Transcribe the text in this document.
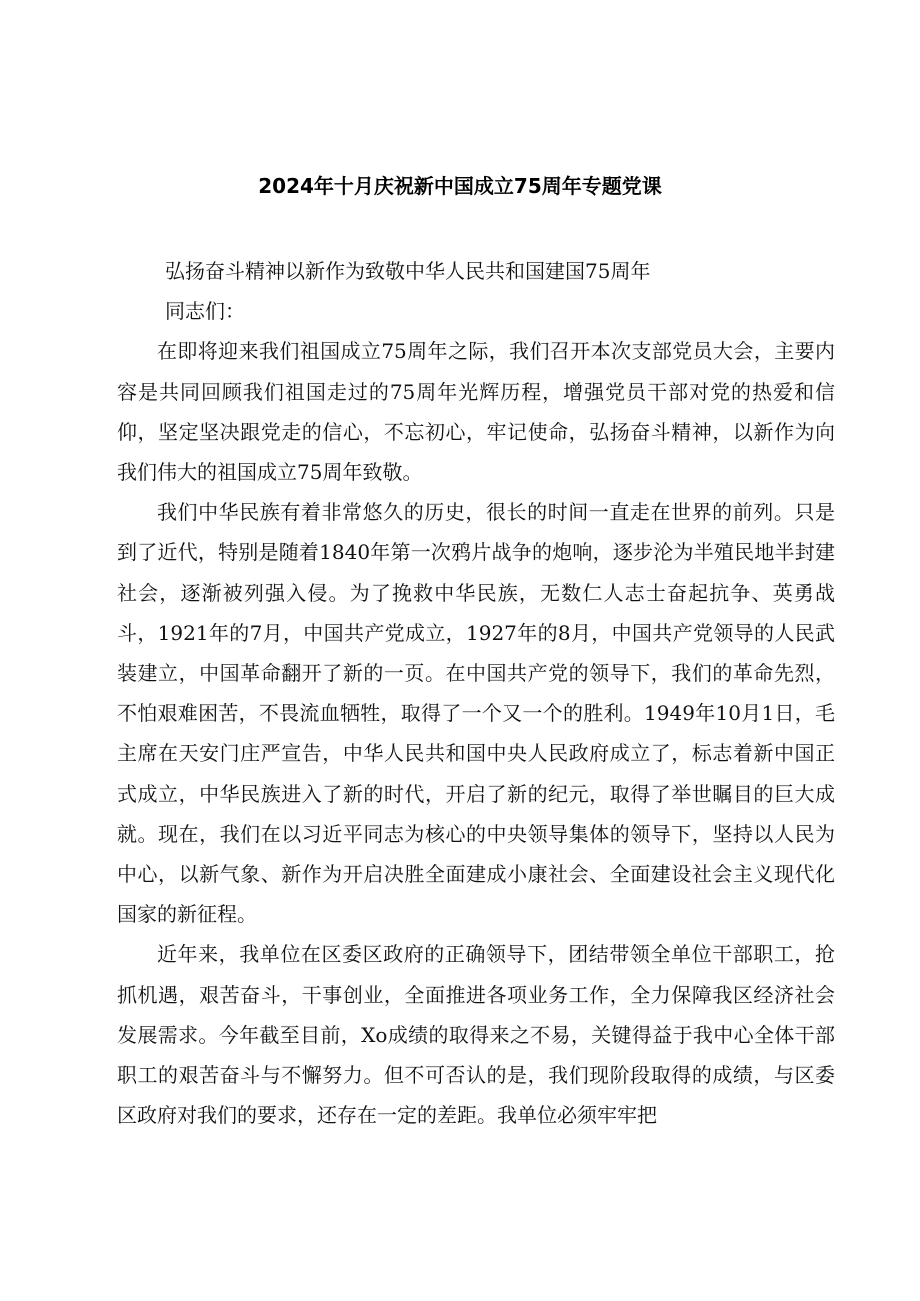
2024年十月庆祝新中国成立75周年专题党课

弘扬奋斗精神以新作为致敬中华人民共和国建国75周年

同志们：

在即将迎来我们祖国成立75周年之际，我们召开本次支部党员大会，主要内容是共同回顾我们祖国走过的75周年光辉历程，增强党员干部对党的热爱和信仰，坚定坚决跟党走的信心，不忘初心，牢记使命，弘扬奋斗精神，以新作为向我们伟大的祖国成立75周年致敬。

我们中华民族有着非常悠久的历史，很长的时间一直走在世界的前列。只是到了近代，特别是随着1840年第一次鸦片战争的炮响，逐步沦为半殖民地半封建社会，逐渐被列强入侵。为了挽救中华民族，无数仁人志士奋起抗争、英勇战斗，1921年的7月，中国共产党成立，1927年的8月，中国共产党领导的人民武装建立，中国革命翻开了新的一页。在中国共产党的领导下，我们的革命先烈，不怕艰难困苦，不畏流血牺牲，取得了一个又一个的胜利。1949年10月1日，毛主席在天安门庄严宣告，中华人民共和国中央人民政府成立了，标志着新中国正式成立，中华民族进入了新的时代，开启了新的纪元，取得了举世瞩目的巨大成就。现在，我们在以习近平同志为核心的中央领导集体的领导下，坚持以人民为中心，以新气象、新作为开启决胜全面建成小康社会、全面建设社会主义现代化国家的新征程。

近年来，我单位在区委区政府的正确领导下，团结带领全单位干部职工，抢抓机遇，艰苦奋斗，干事创业，全面推进各项业务工作，全力保障我区经济社会发展需求。今年截至目前，Xo成绩的取得来之不易，关键得益于我中心全体干部职工的艰苦奋斗与不懈努力。但不可否认的是，我们现阶段取得的成绩，与区委区政府对我们的要求，还存在一定的差距。我单位必须牢牢把
